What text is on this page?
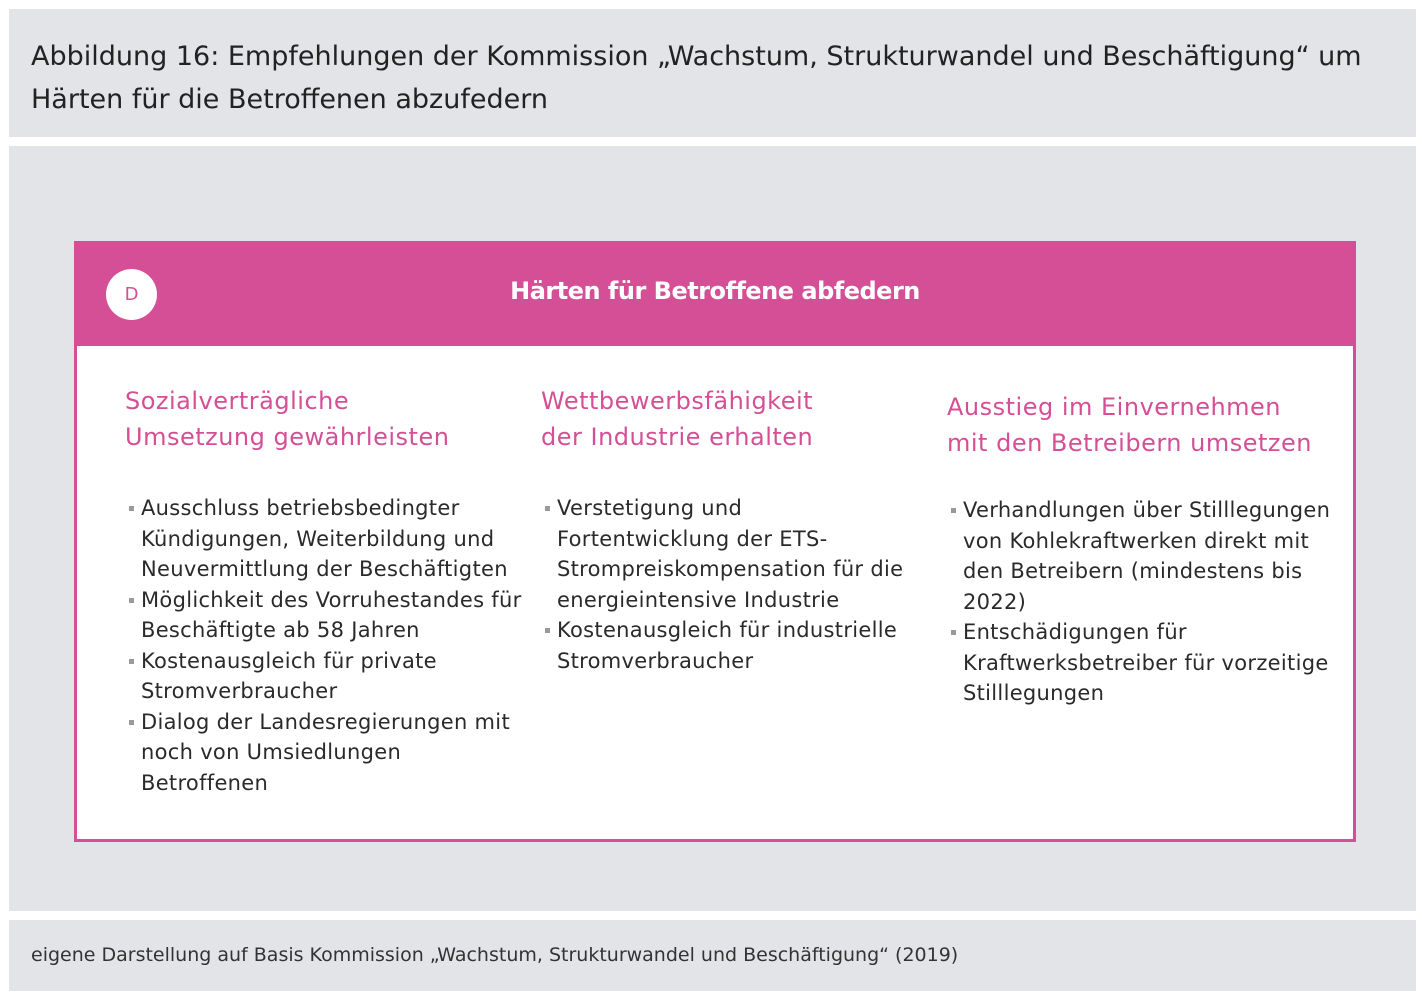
Abbildung 16: Empfehlungen der Kommission „Wachstum, Strukturwandel und Beschäftigung“ um Härten für die Betroffenen abzufedern

D	Härten für Betroffene abfedern
Sozialverträgliche
Umsetzung gewährleisten
Ausschluss betriebsbedingter Kündigungen, Weiterbildung und Neuvermittlung der Beschäftigten
Möglichkeit des Vorruhestandes für Beschäftigte ab 58 Jahren
Kostenausgleich für private Stromverbraucher
Dialog der Landesregierungen mit noch von Umsiedlungen Betroffenen
Wettbewerbsfähigkeit
der Industrie erhalten
Verstetigung und Fortentwicklung der ETS-Strompreiskompensation für die energieintensive Industrie
Kostenausgleich für industrielle Stromverbraucher
Ausstieg im Einvernehmen
mit den Betreibern umsetzen
Verhandlungen über Stilllegungen von Kohlekraftwerken direkt mit den Betreibern (mindestens bis 2022)
Entschädigungen für Kraftwerksbetreiber für vorzeitige Stilllegungen

eigene Darstellung auf Basis Kommission „Wachstum, Strukturwandel und Beschäftigung“ (2019)
